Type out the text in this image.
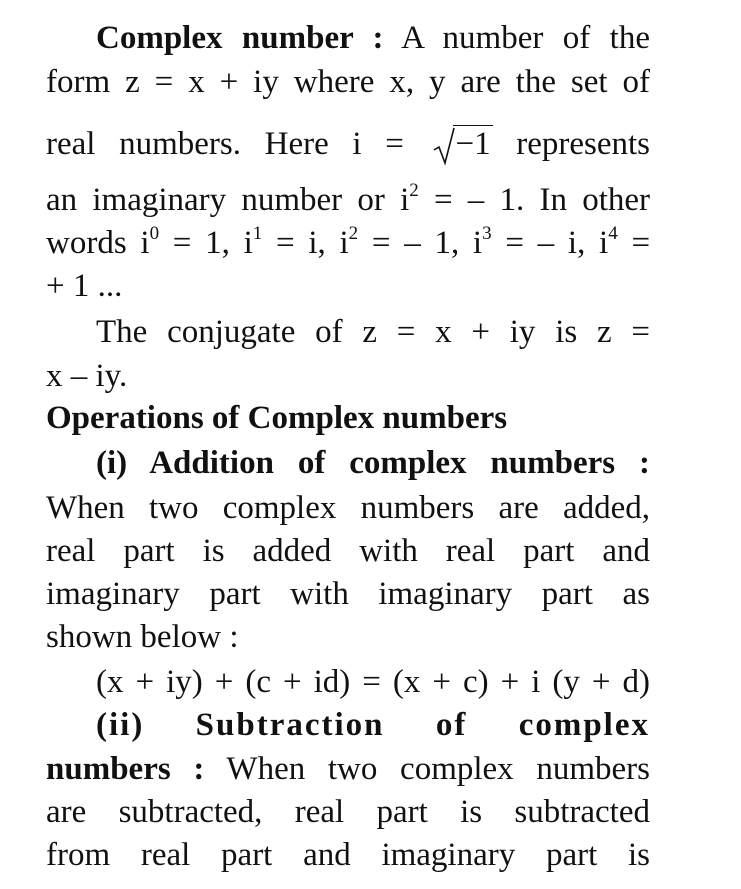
Complex number : A number of the
form z = x + iy where x, y are the set of
real numbers. Here i = −1 represents
an imaginary number or $i^2$ = – 1. In other
words $i^0 = 1$, $i^1 = i$, $i^2$ = – 1, $i^3$ = – i, $i^4$ =
+ 1 ...
The conjugate of z = x + iy is z =
x – iy.
Operations of Complex numbers
(i) Addition of complex numbers :
When two complex numbers are added,
real part is added with real part and
imaginary part with imaginary part as
shown below :
(x + iy) + (c + id) = (x + c) + i (y + d)
(ii) Subtraction of complex
numbers : When two complex numbers
are subtracted, real part is subtracted
from real part and imaginary part is
